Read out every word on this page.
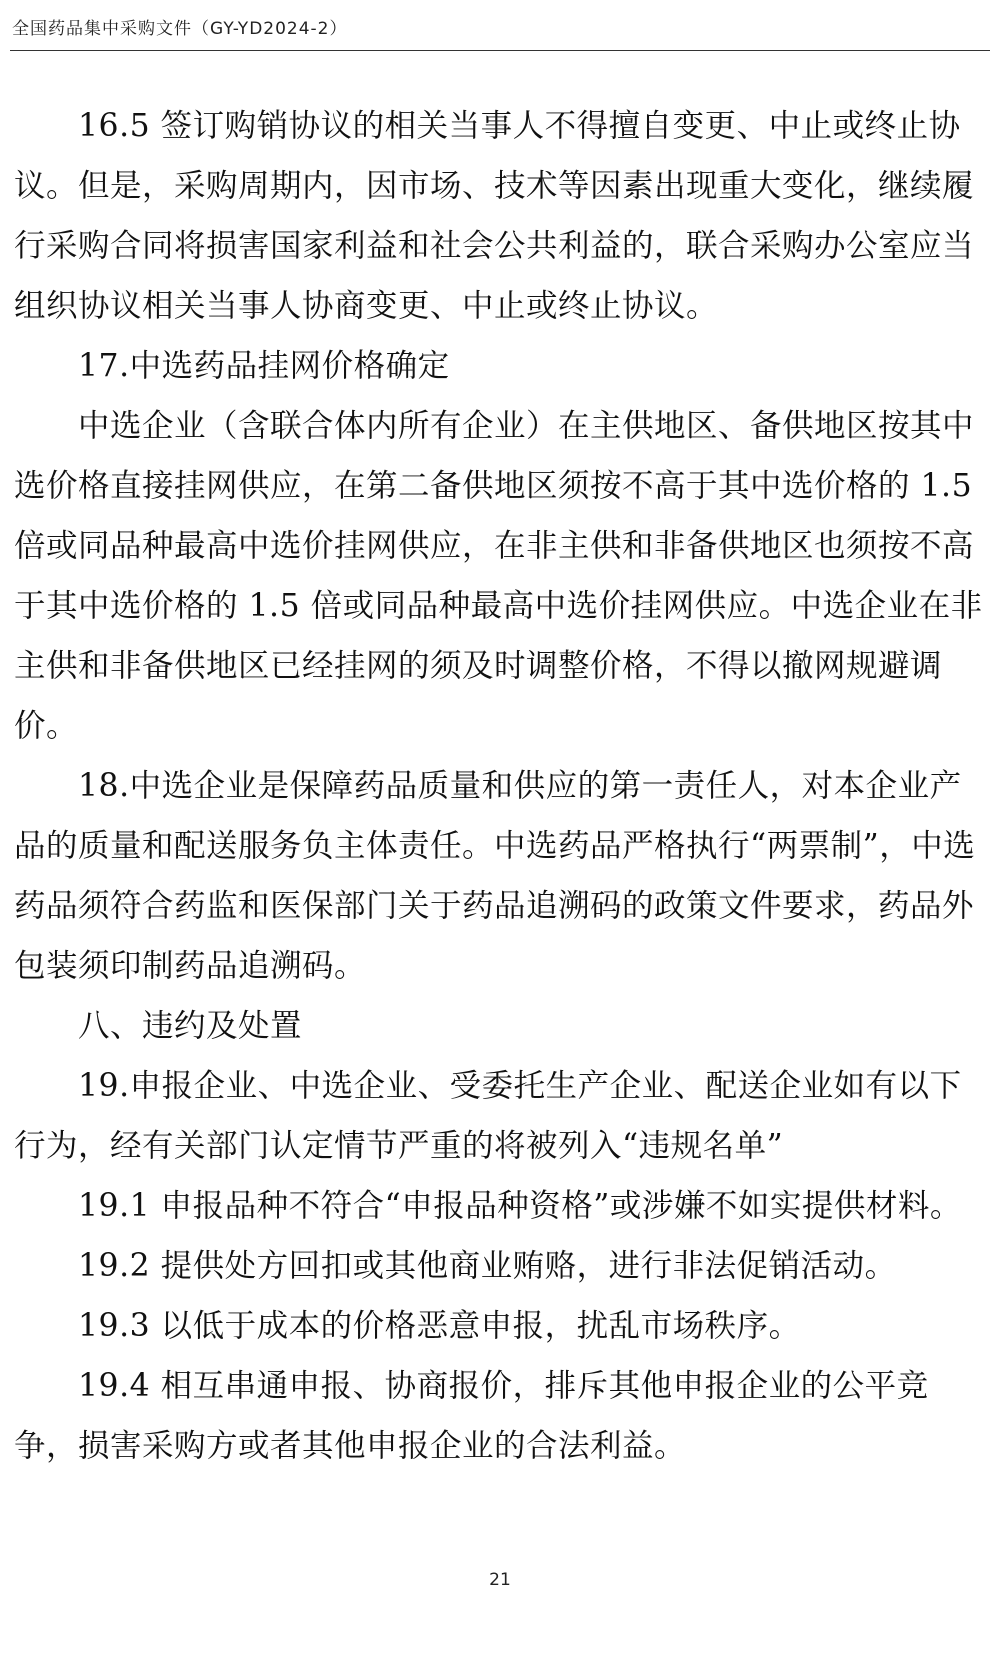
全国药品集中采购文件（GY-YD2024-2）

16.5 签订购销协议的相关当事人不得擅自变更、中止或终止协议。但是，采购周期内，因市场、技术等因素出现重大变化，继续履行采购合同将损害国家利益和社会公共利益的，联合采购办公室应当组织协议相关当事人协商变更、中止或终止协议。

17.中选药品挂网价格确定

中选企业（含联合体内所有企业）在主供地区、备供地区按其中选价格直接挂网供应，在第二备供地区须按不高于其中选价格的 1.5 倍或同品种最高中选价挂网供应，在非主供和非备供地区也须按不高于其中选价格的 1.5 倍或同品种最高中选价挂网供应。中选企业在非主供和非备供地区已经挂网的须及时调整价格，不得以撤网规避调价。

18.中选企业是保障药品质量和供应的第一责任人，对本企业产品的质量和配送服务负主体责任。中选药品严格执行“两票制”，中选药品须符合药监和医保部门关于药品追溯码的政策文件要求，药品外包装须印制药品追溯码。

八、违约及处置

19.申报企业、中选企业、受委托生产企业、配送企业如有以下行为，经有关部门认定情节严重的将被列入“违规名单”

19.1 申报品种不符合“申报品种资格”或涉嫌不如实提供材料。

19.2 提供处方回扣或其他商业贿赂，进行非法促销活动。

19.3 以低于成本的价格恶意申报，扰乱市场秩序。

19.4 相互串通申报、协商报价，排斥其他申报企业的公平竞争，损害采购方或者其他申报企业的合法利益。

21
